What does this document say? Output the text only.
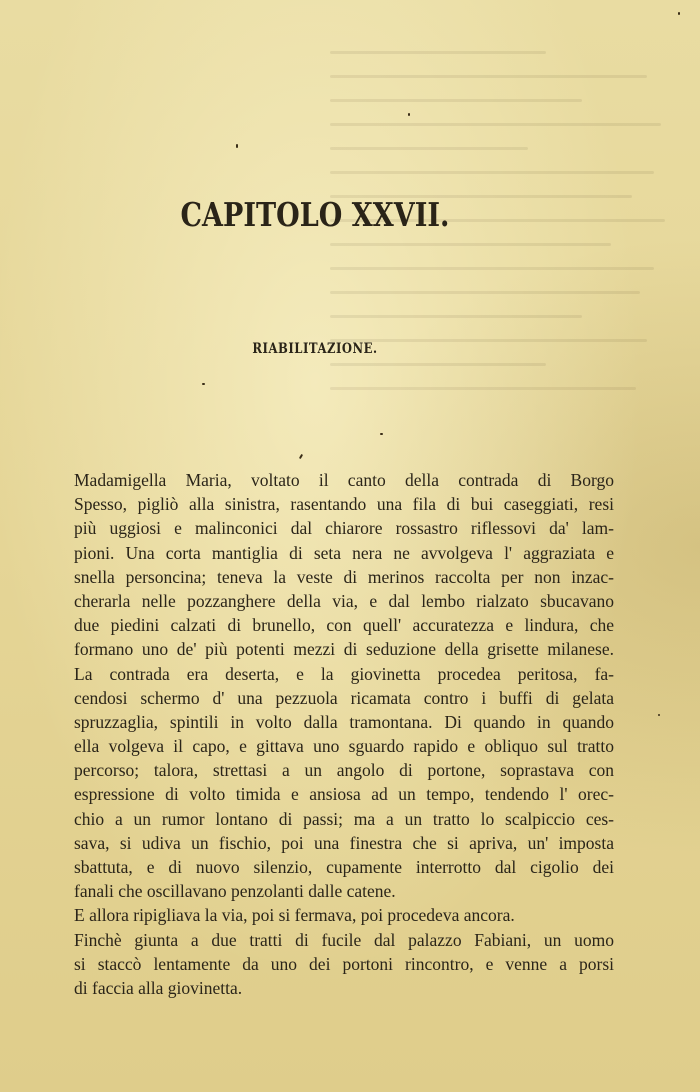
CAPITOLO XXVII.
RIABILITAZIONE.
Madamigella Maria, voltato il canto della contrada di Borgo
Spesso, pigliò alla sinistra, rasentando una fila di bui caseggiati, resi
più uggiosi e malinconici dal chiarore rossastro riflessovi da' lam-
pioni. Una corta mantiglia di seta nera ne avvolgeva l' aggraziata e
snella personcina; teneva la veste di merinos raccolta per non inzac-
cherarla nelle pozzanghere della via, e dal lembo rialzato sbucavano
due piedini calzati di brunello, con quell' accuratezza e lindura, che
formano uno de' più potenti mezzi di seduzione della grisette milanese.
La contrada era deserta, e la giovinetta procedea peritosa, fa-
cendosi schermo d' una pezzuola ricamata contro i buffi di gelata
spruzzaglia, spintili in volto dalla tramontana. Di quando in quando
ella volgeva il capo, e gittava uno sguardo rapido e obliquo sul tratto
percorso; talora, strettasi a un angolo di portone, soprastava con
espressione di volto timida e ansiosa ad un tempo, tendendo l' orec-
chio a un rumor lontano di passi; ma a un tratto lo scalpiccio ces-
sava, si udiva un fischio, poi una finestra che si apriva, un' imposta
sbattuta, e di nuovo silenzio, cupamente interrotto dal cigolio dei
fanali che oscillavano penzolanti dalle catene.
E allora ripigliava la via, poi si fermava, poi procedeva ancora.
Finchè giunta a due tratti di fucile dal palazzo Fabiani, un uomo
si staccò lentamente da uno dei portoni rincontro, e venne a porsi
di faccia alla giovinetta.
